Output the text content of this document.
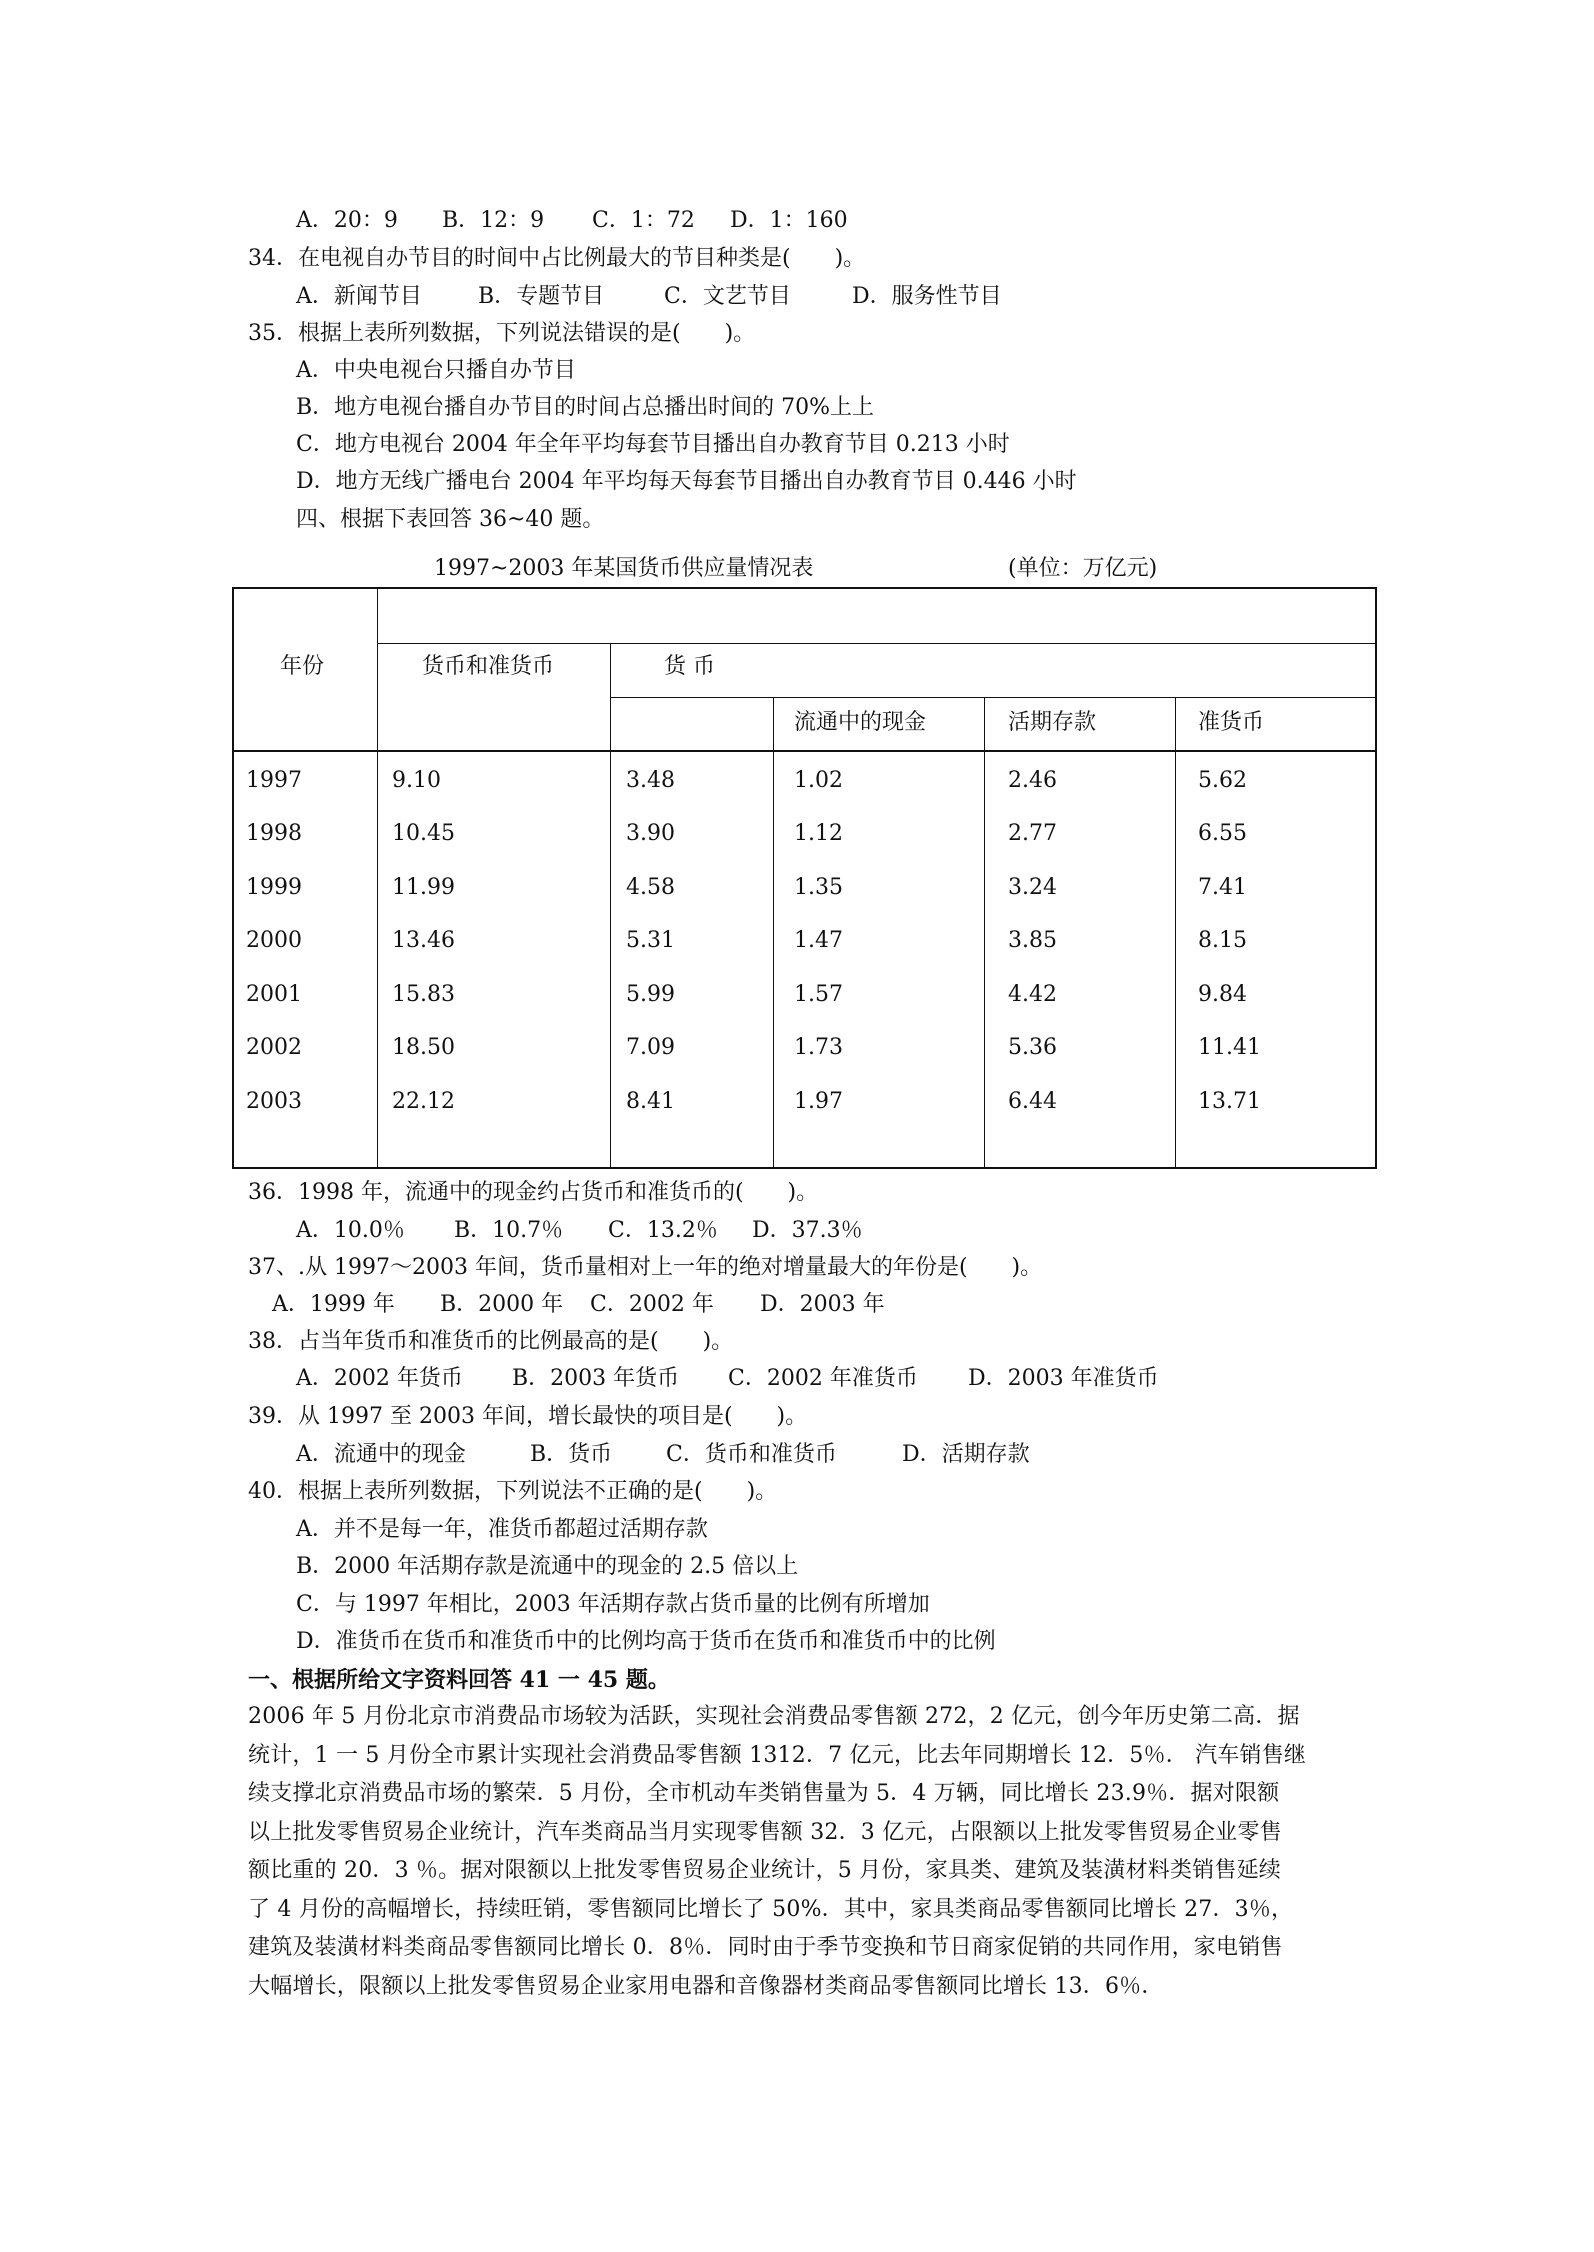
A．20：9 B．12：9 C．1：72 D．1：160
34．在电视自办节目的时间中占比例最大的节目种类是(　　)。
A．新闻节目	B．专题节目	C．文艺节目	D．服务性节目
35．根据上表所列数据，下列说法错误的是(　　)。
A．中央电视台只播自办节目
B．地方电视台播自办节目的时间占总播出时间的 70%上上
C．地方电视台 2004 年全年平均每套节目播出自办教育节目 0.213 小时
D．地方无线广播电台 2004 年平均每天每套节目播出自办教育节目 0.446 小时
四、根据下表回答 36~40 题。
1997~2003 年某国货币供应量情况表	(单位：万亿元)
年份	货币和准货币	货 币
流通中的现金	活期存款	准货币
1997	9.10	3.48	1.02	2.46	5.62
1998	10.45	3.90	1.12	2.77	6.55
1999	11.99	4.58	1.35	3.24	7.41
2000	13.46	5.31	1.47	3.85	8.15
2001	15.83	5.99	1.57	4.42	9.84
2002	18.50	7.09	1.73	5.36	11.41
2003	22.12	8.41	1.97	6.44	13.71
36．1998 年，流通中的现金约占货币和准货币的(　　)。
A．10.0％ B．10.7％ C．13.2％ D．37.3％
37、.从 1997～2003 年间，货币量相对上一年的绝对增量最大的年份是(　　)。
A．1999 年 B．2000 年 C．2002 年 D．2003 年
38．占当年货币和准货币的比例最高的是(　　)。
A．2002 年货币 B．2003 年货币 C．2002 年准货币 D．2003 年准货币
39．从 1997 至 2003 年间，增长最快的项目是(　　)。
A．流通中的现金	B．货币 C．货币和准货币	D．活期存款
40．根据上表所列数据，下列说法不正确的是(　　)。
A．并不是每一年，准货币都超过活期存款
B．2000 年活期存款是流通中的现金的 2.5 倍以上
C．与 1997 年相比，2003 年活期存款占货币量的比例有所增加
D．准货币在货币和准货币中的比例均高于货币在货币和准货币中的比例
一、根据所给文字资料回答 41 一 45 题。
2006 年 5 月份北京市消费品市场较为活跃，实现社会消费品零售额 272，2 亿元，创今年历史第二高．据
统计，1 一 5 月份全市累计实现社会消费品零售额 1312．7 亿元，比去年同期增长 12．5％． 汽车销售继
续支撑北京消费品市场的繁荣．5 月份，全市机动车类销售量为 5．4 万辆，同比增长 23.9％．据对限额
以上批发零售贸易企业统计，汽车类商品当月实现零售额 32．3 亿元，占限额以上批发零售贸易企业零售
额比重的 20．3 ％。据对限额以上批发零售贸易企业统计，5 月份，家具类、建筑及装潢材料类销售延续
了 4 月份的高幅增长，持续旺销，零售额同比增长了 50%．其中，家具类商品零售额同比增长 27．3％，
建筑及装潢材料类商品零售额同比增长 0．8％．同时由于季节变换和节日商家促销的共同作用，家电销售
大幅增长，限额以上批发零售贸易企业家用电器和音像器材类商品零售额同比增长 13．6％．
